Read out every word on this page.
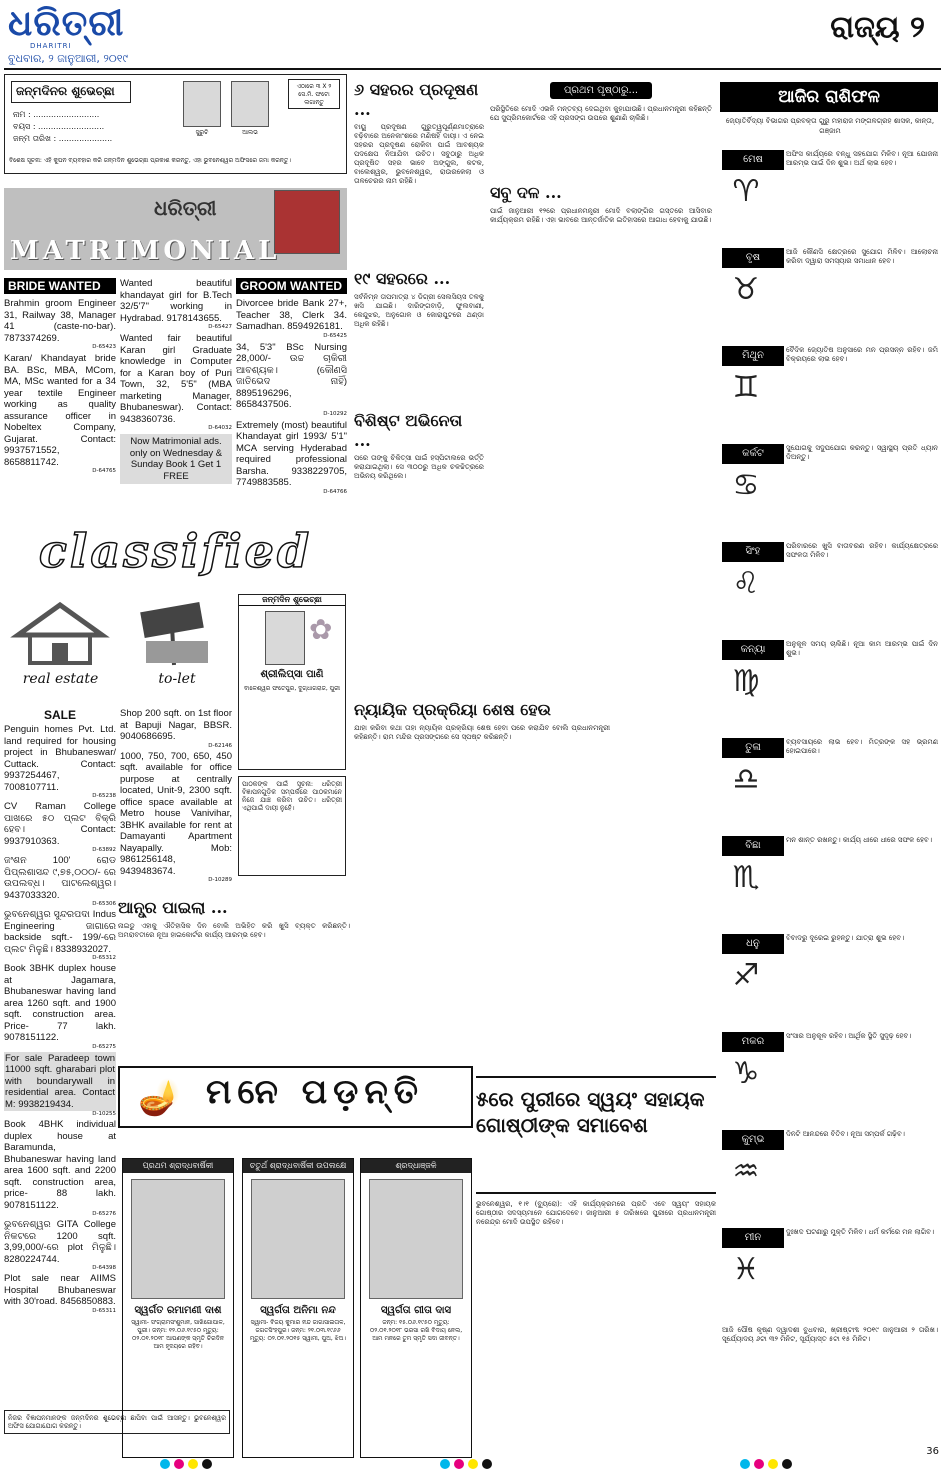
ଧରିତ୍ରୀ
DHARITRI
ବୁଧବାର, ୨ ଜାନୁଆରୀ, ୨୦୧୯
ରାଜ୍ୟ ୨
ଜନ୍ମଦିନର ଶୁଭେଚ୍ଛା
ନାମ : ..........................
ବୟସ : ..........................
ଜନ୍ମ ତାରିଖ : .....................
ସୁରୁଚି	ଆଲଭ
ଏଠାରେ ୩ X ୨ ସେ.ମି. ଫଟୋ ଲଗାନ୍ତୁ
ବିଶେଷ ସୂଚନା: ଏହି କୁପନ ବ୍ୟବହାର କରି ଜନ୍ମଦିନ ଶୁଭେଚ୍ଛା ପ୍ରକାଶ କରନ୍ତୁ, ଏହା ଭୁବନେଶ୍ୱର ଅଫିସରେ ଜମା କରନ୍ତୁ।
ଧରିତ୍ରୀ
MATRIMONIAL
BRIDE WANTED
Brahmin groom Engineer 31, Railway 38, Manager 41 (caste-no-bar). 7873374269.
D-65423
Karan/ Khandayat bride BA. BSc, MBA, MCom, MA, MSc wanted for a 34 year textile Engineer working as quality assurance officer in Nobeltex Company, Gujarat. Contact: 9937571552, 8658811742.
D-64765
Wanted beautiful khandayat girl for B.Tech 32/5'7" working in Hydrabad. 9178143655.
D-65427
Wanted fair beautiful Karan girl Graduate knowledge in Computer for a Karan boy of Puri Town, 32, 5'5" (MBA marketing Manager, Bhubaneswar). Contact: 9438360736.
D-64032
Now Matrimonial ads. only on Wednesday & Sunday Book 1 Get 1 FREE
GROOM WANTED
Divorcee bride Bank 27+, Teacher 38, Clerk 34. Samadhan. 8594926181.
D-65425
34, 5'3" BSc Nursing 28,000/- ଉଚ୍ଚ ଚାକିରୀ ଆବଶ୍ୟକ। (କୌଣସି ଜାତିଭେଦ ନାହିଁ) 8895196296, 8658437506.
D-10292
Extremely (most) beautiful Khandayat girl 1993/ 5'1" MCA serving Hyderabad required professional Barsha. 9338229705, 7749883585.
D-64766
classified
real estate	to-let
SALE
Penguin homes Pvt. Ltd. land required for housing project in Bhubaneswar/ Cuttack. Contact: 9937254467, 7008107711.
D-65238
CV Raman College ପାଖରେ ୫ଠ ପ୍ଲଟ ବିକ୍ରି ହେବ। Contact: 9937910363.
D-63892
ଜଂଶନ 100' ରୋଡ ପିପ୍ଲଶାସନ୍ଦ ୯,୭୫,୦୦୦/- ରେ ଉପଲବ୍ଧ। ପାଟଲେଶ୍ୱର। 9437033320.
D-65306
ଭୁବନେଶ୍ୱର ସୁନ୍ଦରପଦା Indus Engineering ଜାଗାରେ backside sqft.- 199/-ରେ ପ୍ଲଟ ମିଳୁଛି। 8338932027.
D-65312
Book 3BHK duplex house at Jagamara, Bhubaneswar having land area 1260 sqft. and 1900 sqft. construction area. Price- 77 lakh. 9078151122.
D-65275
For sale Paradeep town 11000 sqft. gharabari plot with boundarywall in residential area. Contact M: 9938219434.
D-10255
Book 4BHK individual duplex house at Baramunda, Bhubaneswar having land area 1600 sqft. and 2200 sqft. construction area, price- 88 lakh. 9078151122.
D-65276
ଭୁବନେଶ୍ୱର GITA College ନିକଟରେ 1200 sqft. 3,99,000/-ରେ plot ମିଳୁଛି। 8280224744.
D-64398
Plot sale near AIIMS Hospital Bhubaneswar with 30'road. 8456850883.
D-65311
Shop 200 sqft. on 1st floor at Bapuji Nagar, BBSR. 9040686695.
D-62146
1000, 750, 700, 650, 450 sqft. available for office purpose at centrally located, Unit-9, 2300 sqft. office space available at Metro house Vanivihar, 3BHK available for rent at Damayanti Apartment Nayapally. Mob: 9861256148, 9439483674.
D-10289
ଜନ୍ମଦିନ ଶୁଭେଚ୍ଛା
✿
ଶ୍ରୀଲିପ୍ସା ପାଣି
ବାଳେଶ୍ୱର ଫତେପୁର, ଦୁଗ୍ଧାଗରାଜ, ପୁରୀ
ପାଠକଙ୍କ ପାଇଁ ସୂଚନା: ଧରିତ୍ରୀ ବିଜ୍ଞାପନଗୁଡ଼ିକ ସମ୍ପର୍କରେ ପାଠକମାନେ ନିଜେ ଯାଞ୍ଚ କରିବା ଉଚିତ। ଧରିତ୍ରୀ ଏଥିପାଇଁ ଦାୟୀ ନୁହେଁ।
ନିଜର ବିଜ୍ଞାପନମାନଙ୍କ ଜନ୍ମଦିନର ଶୁଭେଚ୍ଛା ଛାପିବା ପାଇଁ ଆସନ୍ତୁ। ଭୁବନେଶ୍ୱର ଅଫିସ ଯୋଗାଯୋଗ କରନ୍ତୁ।
🪔 ମନେ ପଡ଼ନ୍ତି
ପ୍ରଥମ ଶ୍ରାଦ୍ଧବାର୍ଷିକୀ
ସ୍ୱର୍ଗତ ରମାମଣୀ ଦାଶ
ସ୍ୱାମୀ- ସଂଗ୍ରାମସଂଶୁମାନ, ସାଖିଗୋପାଳ, ପୁରୀ। ଜନ୍ମ: ୧୨.୦୬.୧୯୫୦ ମୃତ୍ୟୁ: ୦୨.୦୧.୨୦୧୮ ଆପଣଙ୍କ ସ୍ମୃତି ଚିରଦିନ ଆମ ହୃଦୟରେ ରହିବ।
ଚତୁର୍ଥ ଶ୍ରାଦ୍ଧବାର୍ଷିକୀ ଉପଲକ୍ଷେ
ସ୍ୱର୍ଗତା ଅନିମା ନନ୍ଦ
ସ୍ୱାମୀ- ବିଜୟ କୁମାର ନନ୍ଦ ଜାଗାସାଇତାଳ, ଜଗତସିଂହପୁର। ଜନ୍ମ: ୨୧.୦୩.୧୯୬୬ ମୃତ୍ୟୁ: ୦୨.୦୧.୨୦୧୫ ସ୍ୱାମୀ, ପୁଅ, ଝିଅ।
ଶ୍ରଦ୍ଧାଞ୍ଜଳି
ସ୍ୱର୍ଗତା ଗୀତା ଦାସ
ଜନ୍ମ: ୧୫.୦୬.୧୯୫୦ ମୃତ୍ୟୁ: ୦୨.୦୧.୨୦୧୮ ଭରସା ରଖି ବିଦାୟ ନେଲ, ଆମ ମନରେ ତୁମ ସ୍ମୃତି ସଦା ଜୀବନ୍ତ।
୬ ସହରର ପ୍ରଦୂଷଣ ...
ବାୟୁ ପ୍ରଦୂଷଣ ଗୁରୁତ୍ୱପୂର୍ଣ୍ଣମାତ୍ରାରେ ବଢ଼ିବାରେ ଅନେକାଂଶରେ ମଣିଷହିଁ ଦାୟୀ। ଏ ନେଇ ସହରର ପ୍ରଦୂଷଣ ରୋକିବା ପାଇଁ ଆବଶ୍ୟକ ପଦକ୍ଷେପ ନିଆଯିବା ଉଚିତ। ସବୁଠାରୁ ଅଧିକ ପ୍ରଦୂଷିତ ସହର ଭାବେ ଅଙ୍ଗୁଲ, କଟକ, ବାଲେଶ୍ୱର, ଭୁବନେଶ୍ୱର, ରାଉରକେଲା ଓ ତାଳଚେରର ନାମ ରହିଛି।
୧୯ ସହରରେ ...
ସର୍ବନିମ୍ନ ତାପମାତ୍ରା ୪ ଡିଗ୍ରୀ ସେଲସିୟସ ତଳକୁ ଖସି ଯାଇଛି। ଦାରିଙ୍ଗବାଡ଼ି, ଫୁଲବାଣୀ, କେନ୍ଦୁଝର, ଅନୁଗୋଳ ଓ କୋରାପୁଟରେ ଥଣ୍ଡା ଅଧିକ ରହିଛି।
ବିଶିଷ୍ଟ ଅଭିନେତା ...
ପରେ ତାଙ୍କୁ ଚିକିତ୍ସା ପାଇଁ ହସ୍ପିଟାଲରେ ଭର୍ତ୍ତି କରାଯାଇଥିଲା। ସେ ୩୦୦ରୁ ଅଧିକ ଚଳଚ୍ଚିତ୍ରରେ ଅଭିନୟ କରିଥିଲେ।
ନ୍ୟାୟିକ ପ୍ରକ୍ରିୟା ଶେଷ ହେଉ
ଯାହା କରିବା କଥା ତାହା ନ୍ୟାୟିକ ପ୍ରକ୍ରିୟା ଶେଷ ହେବା ପରେ କରାଯିବ ବୋଲି ପ୍ରଧାନମନ୍ତ୍ରୀ କହିଛନ୍ତି। ରାମ ମନ୍ଦିର ପ୍ରସଙ୍ଗରେ ସେ ସ୍ପଷ୍ଟ କରିଛନ୍ତି।
ଆନ୍ଧ୍ର ପାଇଲା ...
ନାଇଡୁ ଏହାକୁ ଐତିହାସିକ ଦିନ ବୋଲି ଅଭିହିତ କରି ଖୁସି ବ୍ୟକ୍ତ କରିଛନ୍ତି। ଅମରାବତୀରେ ନୂଆ ହାଇକୋର୍ଟର କାର୍ଯ୍ୟ ଆରମ୍ଭ ହେବ।
ପ୍ରଥମ ପୃଷ୍ଠାରୁ...
ପରିସ୍ଥିତିରେ ମୋଦି ଏଭଳି ମନ୍ତବ୍ୟ ଦେଇଥିବା କୁହାଯାଉଛି। ପ୍ରଧାନମନ୍ତ୍ରୀ କହିଛନ୍ତି ଯେ ସୁପ୍ରିମକୋର୍ଟରେ ଏହି ପ୍ରସଙ୍ଗ ଉପରେ ଶୁଣାଣି ଚାଲିଛି।
ସବୁ ଦଳ ...
ପାଇଁ ଜାନୁଆରୀ ୧୨ରେ ପ୍ରଧାନମନ୍ତ୍ରୀ ମୋଦି ବଲାଙ୍ଗିର ଗସ୍ତରେ ଆସିବାର କାର୍ଯ୍ୟକ୍ରମ ରହିଛି। ଏହା ଭାବରେ ଆନ୍ତର୍ଜାତିକ ଇତିହାସରେ ଆଗାଧ ହେବାକୁ ଯାଉଛି।
୫ରେ ପୁରୀରେ ସ୍ୱୟଂ ସହାୟକ ଗୋଷ୍ଠୀଙ୍କ ସମାବେଶ
ଭୁବନେଶ୍ୱର, ୧।୧ (ବ୍ୟୁରୋ): ଏହି କାର୍ଯ୍ୟକ୍ରମରେ ପ୍ରତି ଏବେ ସ୍ୱୟଂ ସହାୟକ ଗୋଷ୍ଠୀର ସଦସ୍ୟମାନେ ଯୋଗଦେବେ। ଜାନୁଆରୀ ୫ ତାରିଖରେ ପୁରୀରେ ପ୍ରଧାନମନ୍ତ୍ରୀ ନରେନ୍ଦ୍ର ମୋଦି ଉପସ୍ଥିତ ରହିବେ।
ଆଜିର ରାଶିଫଳ
ଜ୍ୟୋତିର୍ବିଦ୍ୟା ବିଭାଗର ପ୍ରବକ୍ତା ଗୁରୁ ମହାରାଜ ମଙ୍ଗଳଗ୍ରହ ଶାସକ, କାନ୍ତା, ଗଞ୍ଜାମ
ମେଷ
♈
ଅଫିସ କାର୍ଯ୍ୟରେ ବନ୍ଧୁ ସହଯୋଗ ମିଳିବ। ନୂଆ ଯୋଜନା ଆରମ୍ଭ ପାଇଁ ଦିନ ଶୁଭ। ଅର୍ଥ ଲାଭ ହେବ।
ବୃଷ
♉
ଆଜି କୌଣସି କ୍ଷେତ୍ରରେ ସୁଯୋଗ ମିଳିବ। ଆଲୋଚନା କରିବା ଦ୍ୱାରା ସମସ୍ୟାର ସମାଧାନ ହେବ।
ମିଥୁନ
♊
ବୈଦିକ ଜ୍ୟୋତିଷ ଅନୁସାରେ ମନ ପ୍ରସନ୍ନ ରହିବ। ଜମି ବିକ୍ରୟରେ ଲାଭ ହେବ।
କର୍କଟ
♋
ସୁଯୋଗକୁ ସଦୁପଯୋଗ କରନ୍ତୁ। ସ୍ୱାସ୍ଥ୍ୟ ପ୍ରତି ଧ୍ୟାନ ଦିଅନ୍ତୁ।
ସିଂହ
♌
ପରିବାରରେ ଖୁସି ବାତାବରଣ ରହିବ। କାର୍ଯ୍ୟକ୍ଷେତ୍ରରେ ସଫଳତା ମିଳିବ।
କନ୍ୟା
♍
ଅନୁକୂଳ ସମୟ ଚାଲିଛି। ନୂଆ କାମ ଆରମ୍ଭ ପାଇଁ ଦିନ ଶୁଭ।
ତୁଳା
♎
ବ୍ୟବସାୟରେ ଲାଭ ହେବ। ମିତ୍ରଙ୍କ ସହ ଭ୍ରମଣ ହୋଇପାରେ।
ବିଛା
♏
ମନ ଶାନ୍ତ ରଖନ୍ତୁ। କାର୍ଯ୍ୟ ଧୀରେ ଧୀରେ ସଫଳ ହେବ।
ଧନୁ
♐
ବିବାଦରୁ ଦୂରେଇ ରୁହନ୍ତୁ। ଯାତ୍ରା ଶୁଭ ହେବ।
ମକର
♑
ସଂସାର ଅନୁକୂଳ ରହିବ। ଆର୍ଥିକ ସ୍ଥିତି ସୁଦୃଢ଼ ହେବ।
କୁମ୍ଭ
♒
ଦିନଟି ଆନନ୍ଦରେ ବିତିବ। ନୂଆ ସମ୍ପର୍କ ଗଢ଼ିବ।
ମୀନ
♓
ଦୁଃଖଦ ଘଟଣାରୁ ମୁକ୍ତି ମିଳିବ। ଧର୍ମ କର୍ମରେ ମନ ଲାଗିବ।
ଆଜି ପୌଷ କୃଷ୍ଣ ଦ୍ୱାଦଶୀ ବୁଧବାର, ଖ୍ରୀଷ୍ଟାବ୍ଦ ୨୦୧୯ ଜାନୁଆରୀ ୨ ତାରିଖ। ସୂର୍ଯ୍ୟୋଦୟ ୬ଟା ୩୨ ମିନିଟ, ସୂର୍ଯ୍ୟାସ୍ତ ୫ଟା ୧୫ ମିନିଟ।
36
